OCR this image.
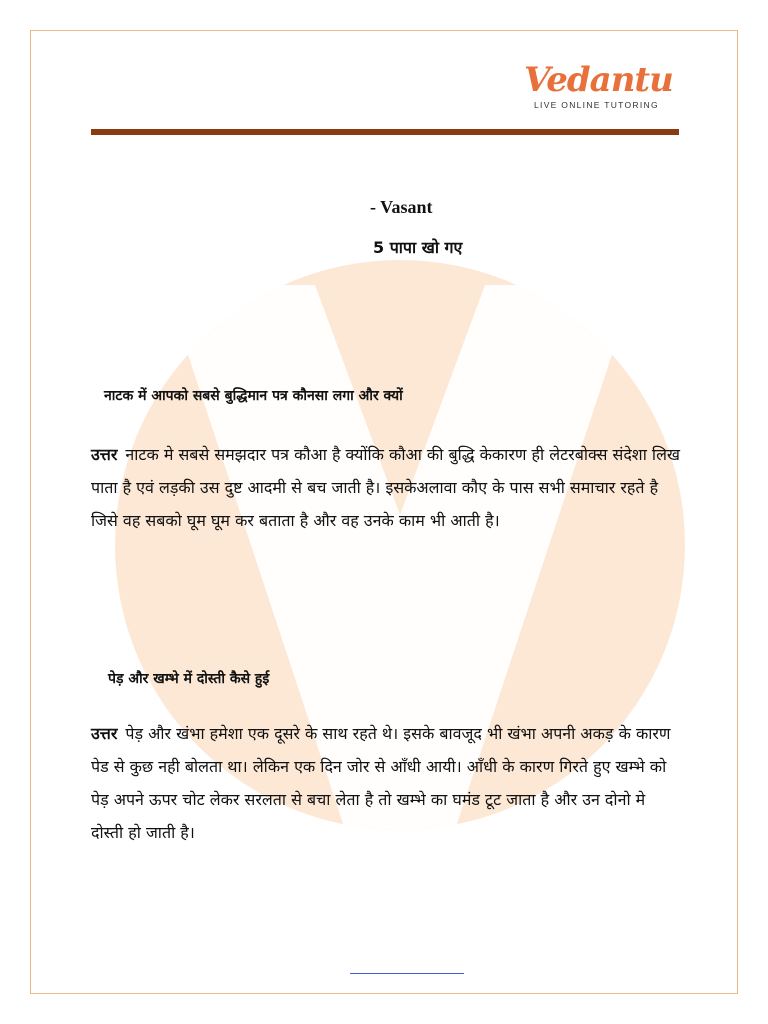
Vedantu
LIVE ONLINE TUTORING
- Vasant
5 पापा खो गए
नाटक में आपको सबसे बुद्धिमान पत्र कौनसा लगा और क्यों
उत्तर नाटक मे सबसे समझदार पत्र कौआ है क्योंकि कौआ की बुद्धि केकारण ही लेटरबोक्स संदेशा लिख पाता है एवं लड़की उस दुष्ट आदमी से बच जाती है। इसकेअलावा कौए के पास सभी समाचार रहते है जिसे वह सबको घूम घूम कर बताता है और वह उनके काम भी आती है।
पेड़ और खम्भे में दोस्ती कैसे हुई
उत्तर पेड़ और खंभा हमेशा एक दूसरे के साथ रहते थे। इसके बावजूद भी खंभा अपनी अकड़ के कारण पेड से कुछ नही बोलता था। लेकिन एक दिन जोर से आँधी आयी। आँधी के कारण गिरते हुए खम्भे को पेड़ अपने ऊपर चोट लेकर सरलता से बचा लेता है तो खम्भे का घमंड टूट जाता है और उन दोनो मे दोस्ती हो जाती है।
